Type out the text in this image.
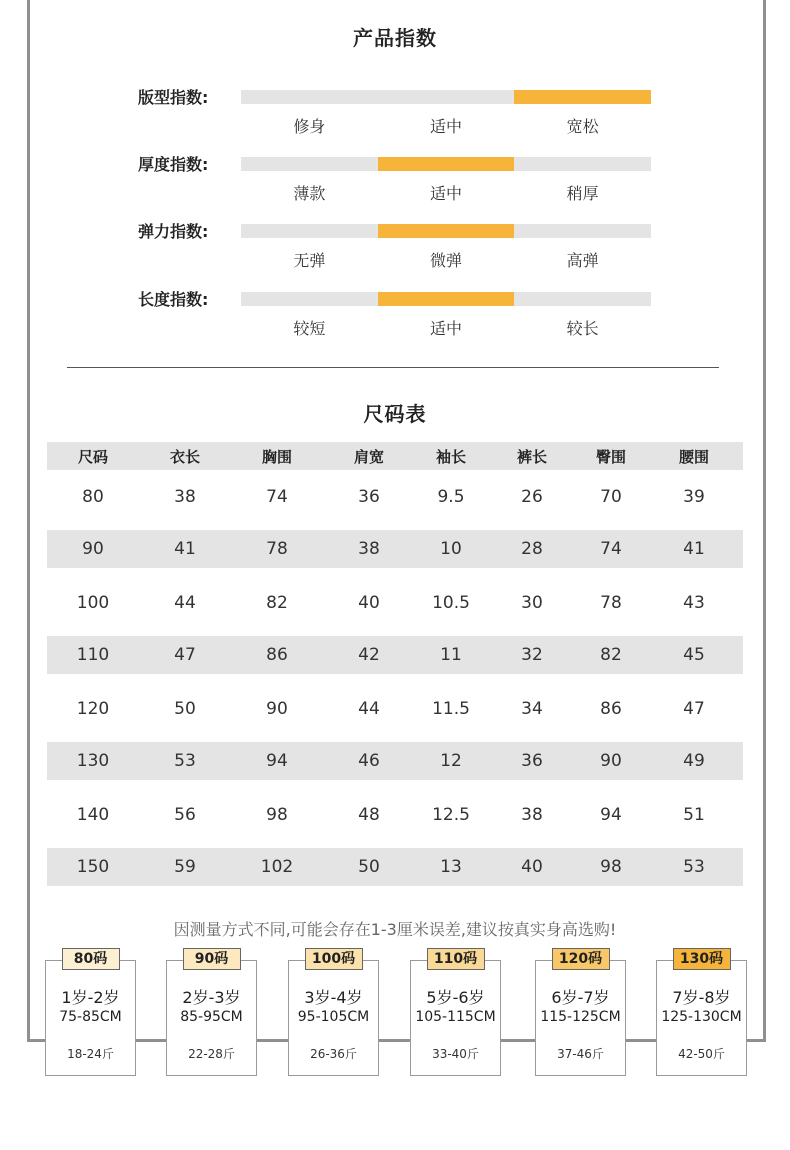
产品指数
版型指数:
修身	适中	宽松
厚度指数:
薄款	适中	稍厚
弹力指数:
无弹	微弹	高弹
长度指数:
较短	适中	较长
尺码表
尺码	衣长	胸围	肩宽	袖长	裤长	臀围	腰围
80	38	74	36	9.5	26	70	39
90	41	78	38	10	28	74	41
100	44	82	40	10.5	30	78	43
110	47	86	42	11	32	82	45
120	50	90	44	11.5	34	86	47
130	53	94	46	12	36	90	49
140	56	98	48	12.5	38	94	51
150	59	102	50	13	40	98	53
因测量方式不同,可能会存在1-3厘米误差,建议按真实身高选购!
80码
1岁-2岁
75-85CM
18-24斤
90码
2岁-3岁
85-95CM
22-28斤
100码
3岁-4岁
95-105CM
26-36斤
110码
5岁-6岁
105-115CM
33-40斤
120码
6岁-7岁
115-125CM
37-46斤
130码
7岁-8岁
125-130CM
42-50斤
